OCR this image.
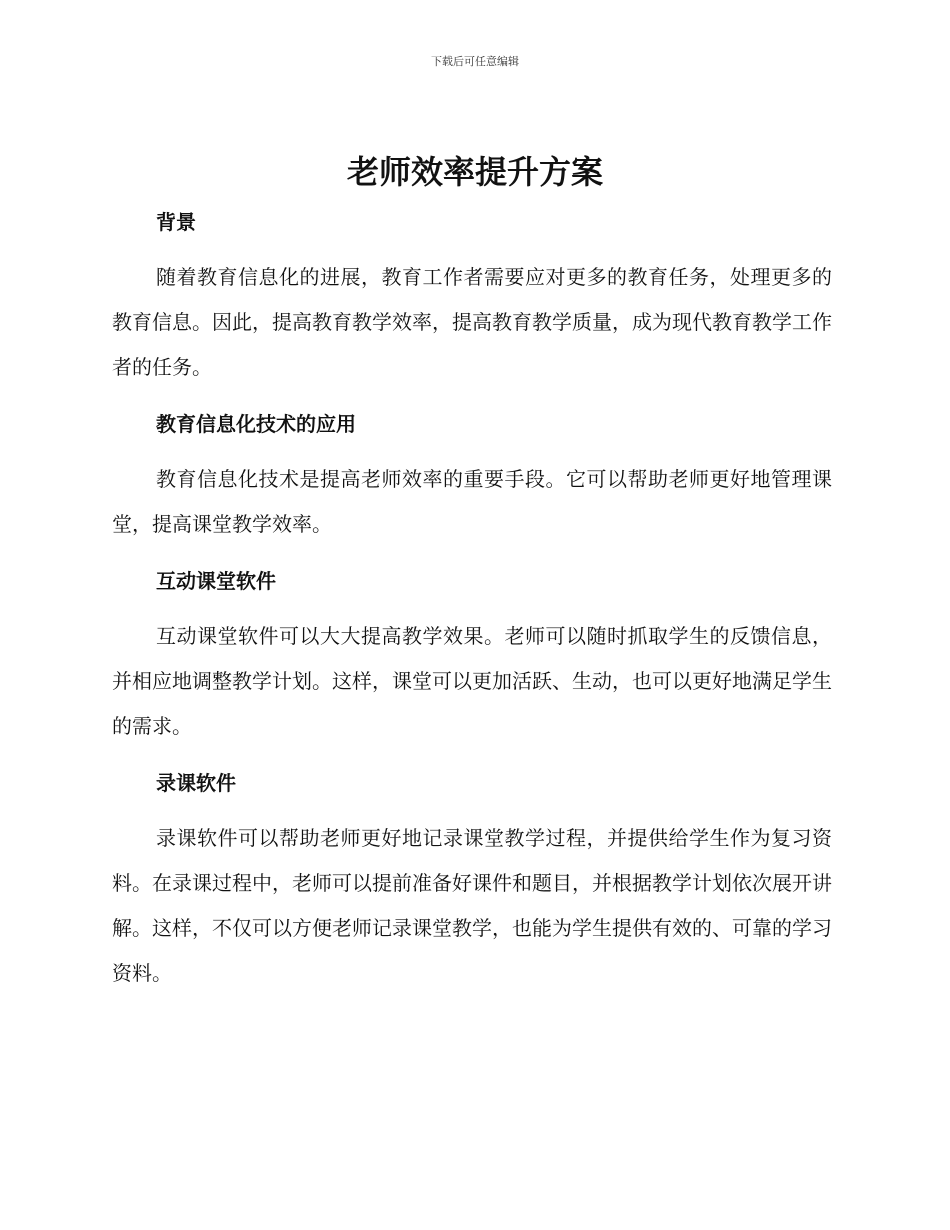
下载后可任意编辑
老师效率提升方案
背景

随着教育信息化的进展，教育工作者需要应对更多的教育任务，处理更多的教育信息。因此，提高教育教学效率，提高教育教学质量，成为现代教育教学工作者的任务。

教育信息化技术的应用

教育信息化技术是提高老师效率的重要手段。它可以帮助老师更好地管理课堂，提高课堂教学效率。

互动课堂软件

互动课堂软件可以大大提高教学效果。老师可以随时抓取学生的反馈信息，并相应地调整教学计划。这样，课堂可以更加活跃、生动，也可以更好地满足学生的需求。

录课软件

录课软件可以帮助老师更好地记录课堂教学过程，并提供给学生作为复习资料。在录课过程中，老师可以提前准备好课件和题目，并根据教学计划依次展开讲解。这样，不仅可以方便老师记录课堂教学，也能为学生提供有效的、可靠的学习资料。
